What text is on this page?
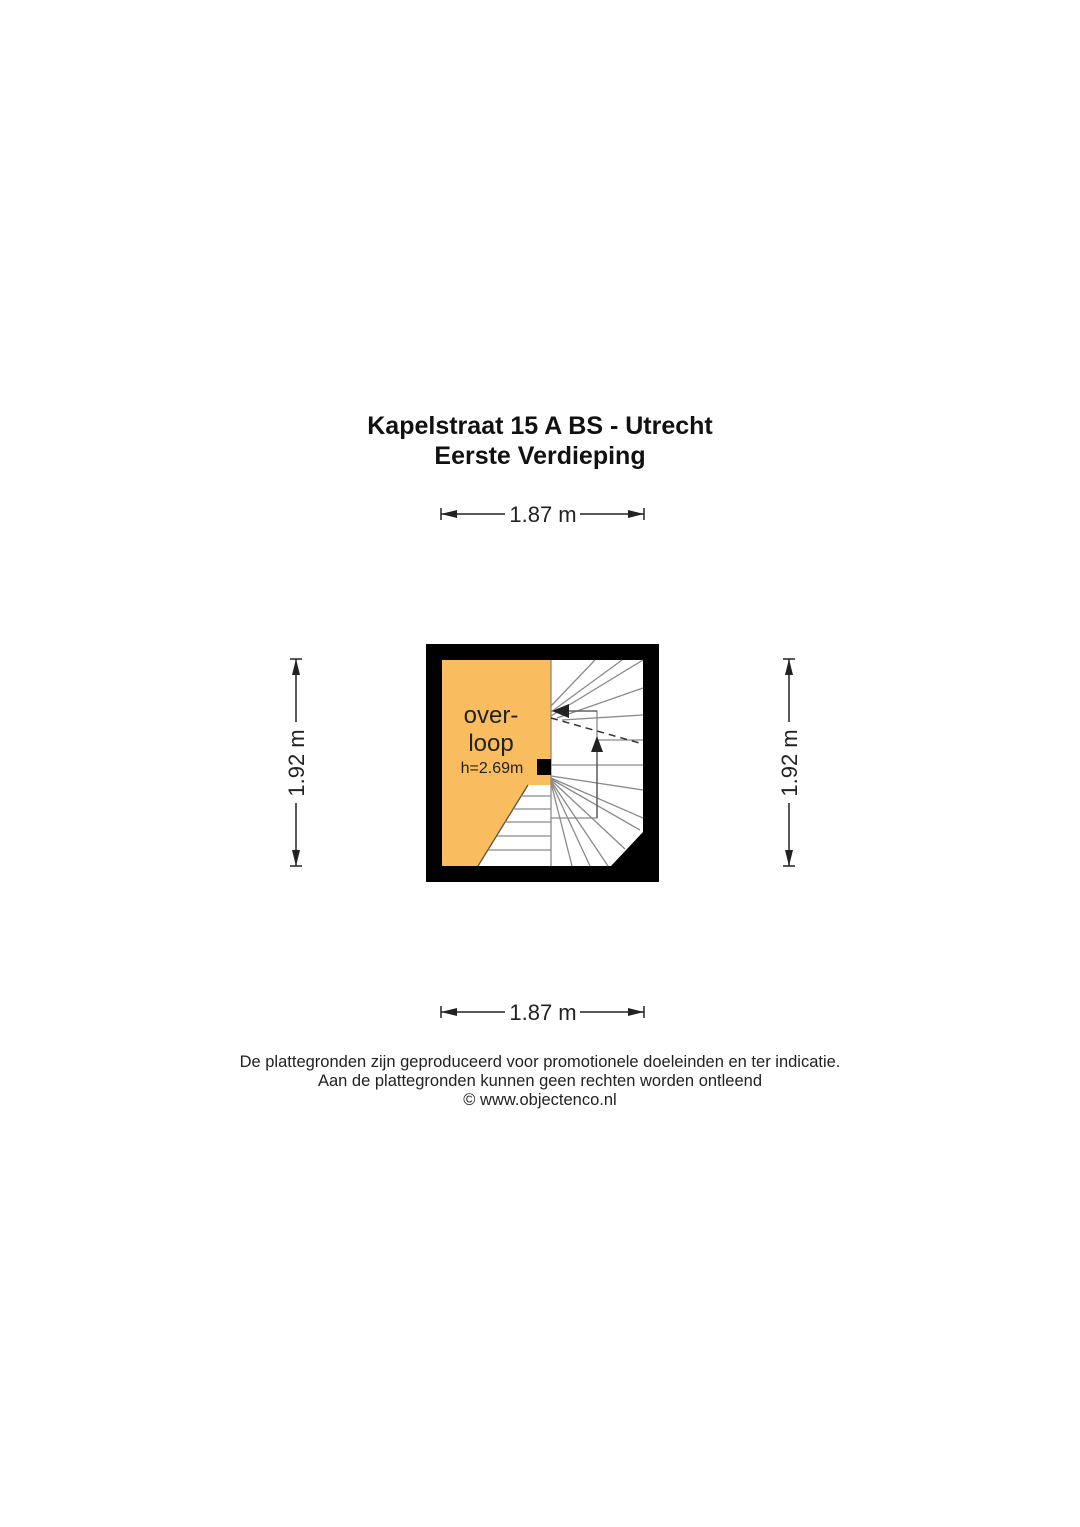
Kapelstraat 15 A BS - Utrecht
Eerste Verdieping
1.87 m
1.87 m
1.92 m	1.92 m
over-
loop
h=2.69m

De plattegronden zijn geproduceerd voor promotionele doeleinden en ter indicatie.

Aan de plattegronden kunnen geen rechten worden ontleend

© www.objectenco.nl
